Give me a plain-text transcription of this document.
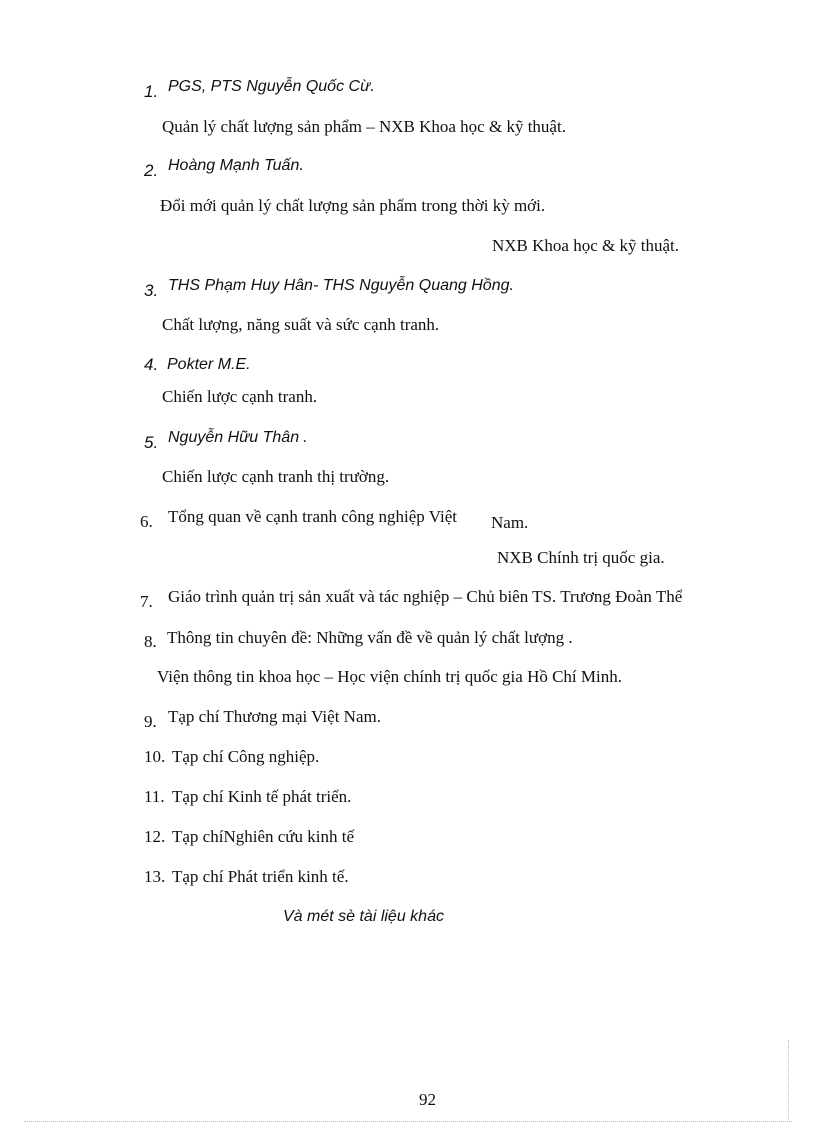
1. PGS, PTS Nguyễn Quốc Cừ.
Quản lý chất lượng sản phẩm – NXB Khoa học & kỹ thuật.
2. Hoàng Mạnh Tuấn.
Đổi mới quản lý chất lượng sản phẩm trong thời kỳ mới.
NXB Khoa học & kỹ thuật.
3. THS Phạm Huy Hân- THS Nguyễn Quang Hồng.
Chất lượng, năng suất và sức cạnh tranh.
4. Pokter M.E.
Chiến lược cạnh tranh.
5. Nguyễn Hữu Thân .
Chiến lược cạnh tranh thị trường.
6. Tổng quan về cạnh tranh công nghiệp Việt Nam.
NXB Chính trị quốc gia.
7. Giáo trình quản trị sản xuất và tác nghiệp – Chủ biên TS. Trương Đoàn Thể
8. Thông tin chuyên đề: Những vấn đề về quản lý chất lượng .
Viện thông tin khoa học – Học viện chính trị quốc gia Hồ Chí Minh.
9. Tạp chí Thương mại Việt Nam.
10. Tạp chí Công nghiệp.
11. Tạp chí Kinh tế phát triển.
12. Tạp chíNghiên cứu kinh tế
13. Tạp chí Phát triển kinh tế.
Và mét sè tài liệu khác
92
